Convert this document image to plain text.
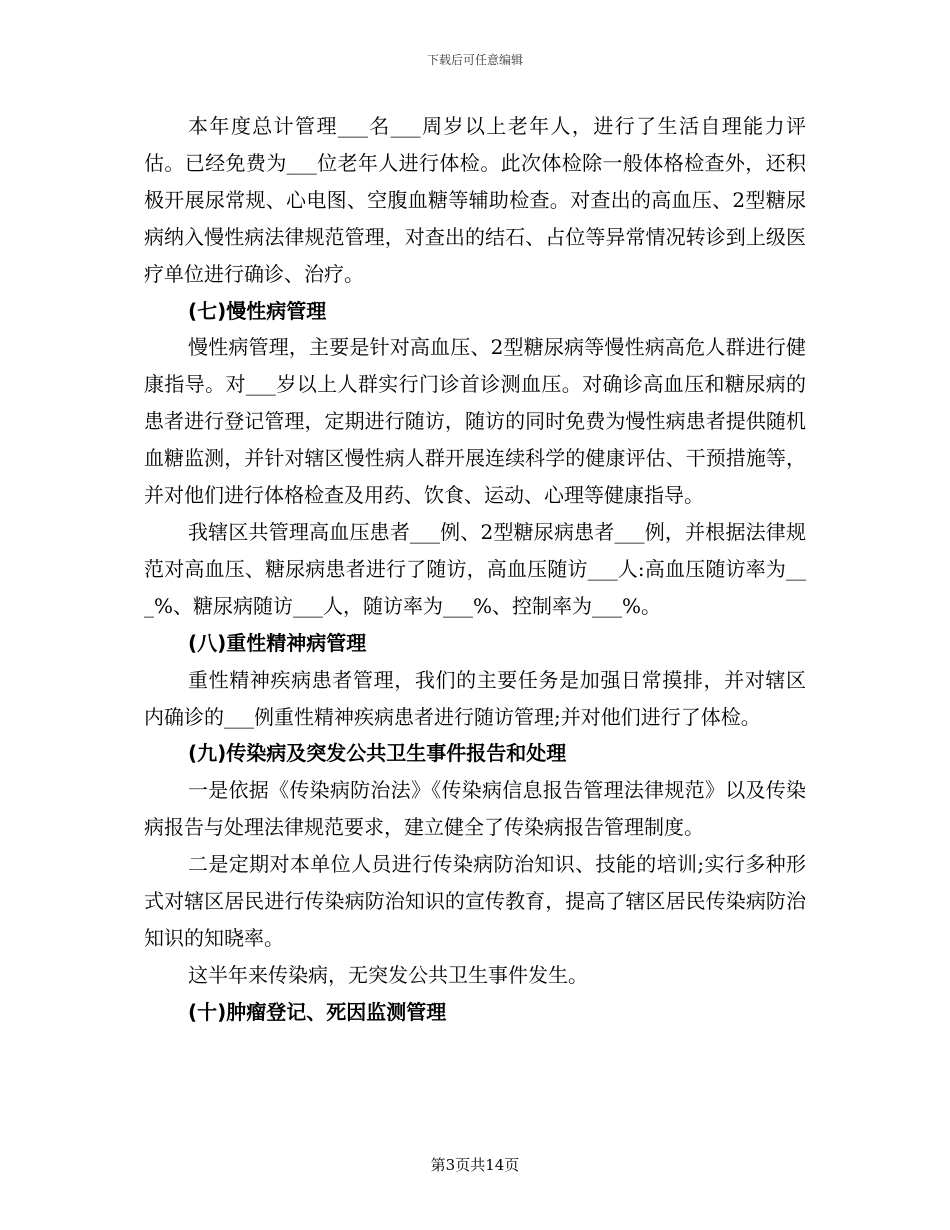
下载后可任意编辑

本年度总计管理___名___周岁以上老年人，进行了生活自理能力评估。已经免费为___位老年人进行体检。此次体检除一般体格检查外，还积极开展尿常规、心电图、空腹血糖等辅助检查。对查出的高血压、2型糖尿病纳入慢性病法律规范管理，对查出的结石、占位等异常情况转诊到上级医疗单位进行确诊、治疗。

(七)慢性病管理

慢性病管理，主要是针对高血压、2型糖尿病等慢性病高危人群进行健康指导。对___岁以上人群实行门诊首诊测血压。对确诊高血压和糖尿病的患者进行登记管理，定期进行随访，随访的同时免费为慢性病患者提供随机血糖监测，并针对辖区慢性病人群开展连续科学的健康评估、干预措施等，并对他们进行体格检查及用药、饮食、运动、心理等健康指导。

我辖区共管理高血压患者___例、2型糖尿病患者___例，并根据法律规范对高血压、糖尿病患者进行了随访，高血压随访___人:高血压随访率为___%、糖尿病随访___人，随访率为___%、控制率为___%。

(八)重性精神病管理

重性精神疾病患者管理，我们的主要任务是加强日常摸排，并对辖区内确诊的___例重性精神疾病患者进行随访管理;并对他们进行了体检。

(九)传染病及突发公共卫生事件报告和处理

一是依据《传染病防治法》《传染病信息报告管理法律规范》以及传染病报告与处理法律规范要求，建立健全了传染病报告管理制度。

二是定期对本单位人员进行传染病防治知识、技能的培训;实行多种形式对辖区居民进行传染病防治知识的宣传教育，提高了辖区居民传染病防治知识的知晓率。

这半年来传染病，无突发公共卫生事件发生。

(十)肿瘤登记、死因监测管理

第3页共14页
